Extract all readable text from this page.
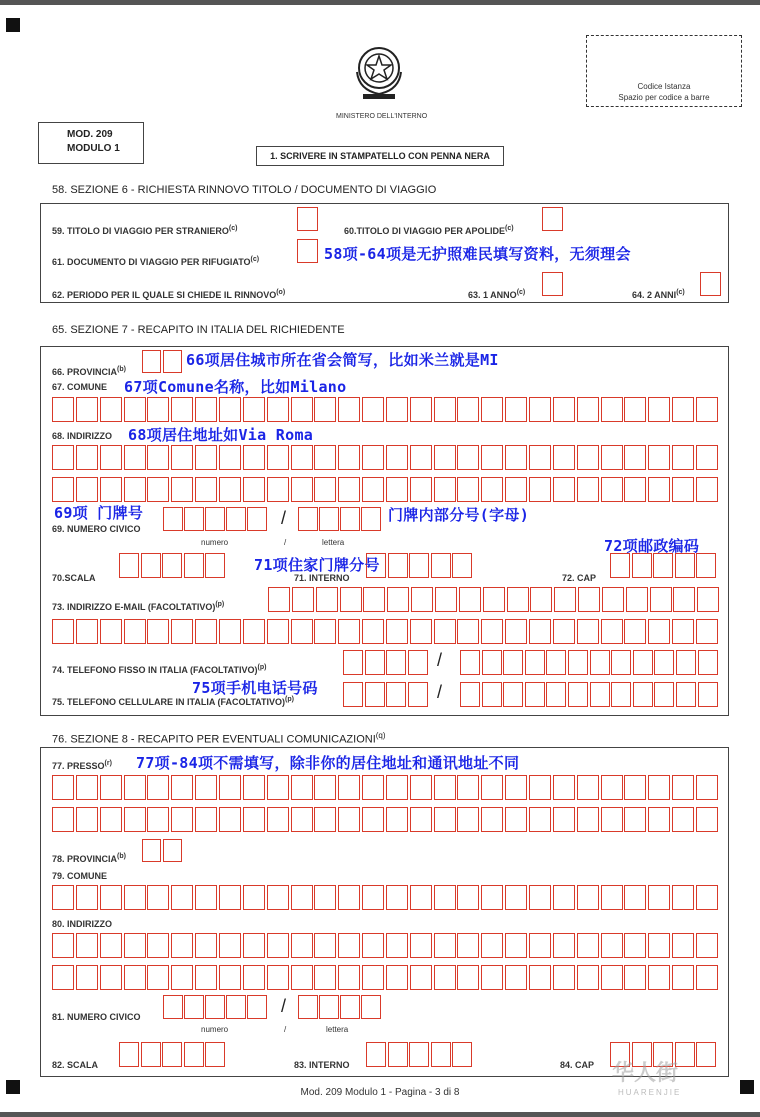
MINISTERO DELL'INTERNO
Codice Istanza
Spazio per codice a barre
MOD. 209
MODULO 1
1. SCRIVERE IN STAMPATELLO CON PENNA NERA
58. SEZIONE 6 - RICHIESTA RINNOVO TITOLO / DOCUMENTO DI VIAGGIO
59. TITOLO DI VIAGGIO PER STRANIERO$^{(c)}$	60.TITOLO DI VIAGGIO PER APOLIDE$^{(c)}$
61. DOCUMENTO DI VIAGGIO PER RIFUGIATO$^{(c)}$
62. PERIODO PER IL QUALE SI CHIEDE IL RINNOVO$^{(o)}$	63. 1 ANNO$^{(c)}$	64. 2 ANNI$^{(c)}$
65. SEZIONE 7 - RECAPITO IN ITALIA DEL RICHIEDENTE
66. PROVINCIA$^{(b)}$
67. COMUNE
68. INDIRIZZO
69. NUMERO CIVICO
numero	/	lettera
/
70.SCALA	71. INTERNO	72. CAP
73. INDIRIZZO E-MAIL (FACOLTATIVO)$^{(p)}$
74. TELEFONO FISSO IN ITALIA (FACOLTATIVO)$^{(p)}$
75. TELEFONO CELLULARE IN ITALIA (FACOLTATIVO)$^{(p)}$
/
/
76. SEZIONE 8 - RECAPITO PER EVENTUALI COMUNICAZIONI$^{(q)}$
77. PRESSO$^{(r)}$
78. PROVINCIA$^{(b)}$
79. COMUNE
80. INDIRIZZO
81. NUMERO CIVICO
numero	/	lettera
/
82. SCALA	83. INTERNO	84. CAP
58项-64项是无护照难民填写资料，无须理会
66项居住城市所在省会简写，比如米兰就是MI
67项Comune名称，比如Milano
68项居住地址如Via Roma
69项 门牌号	门牌内部分号(字母)
71项住家门牌分号
72项邮政编码
75项手机电话号码
77项-84项不需填写，除非你的居住地址和通讯地址不同
Mod. 209 Modulo 1 - Pagina - 3 di 8
华人街
HUARENJIE
